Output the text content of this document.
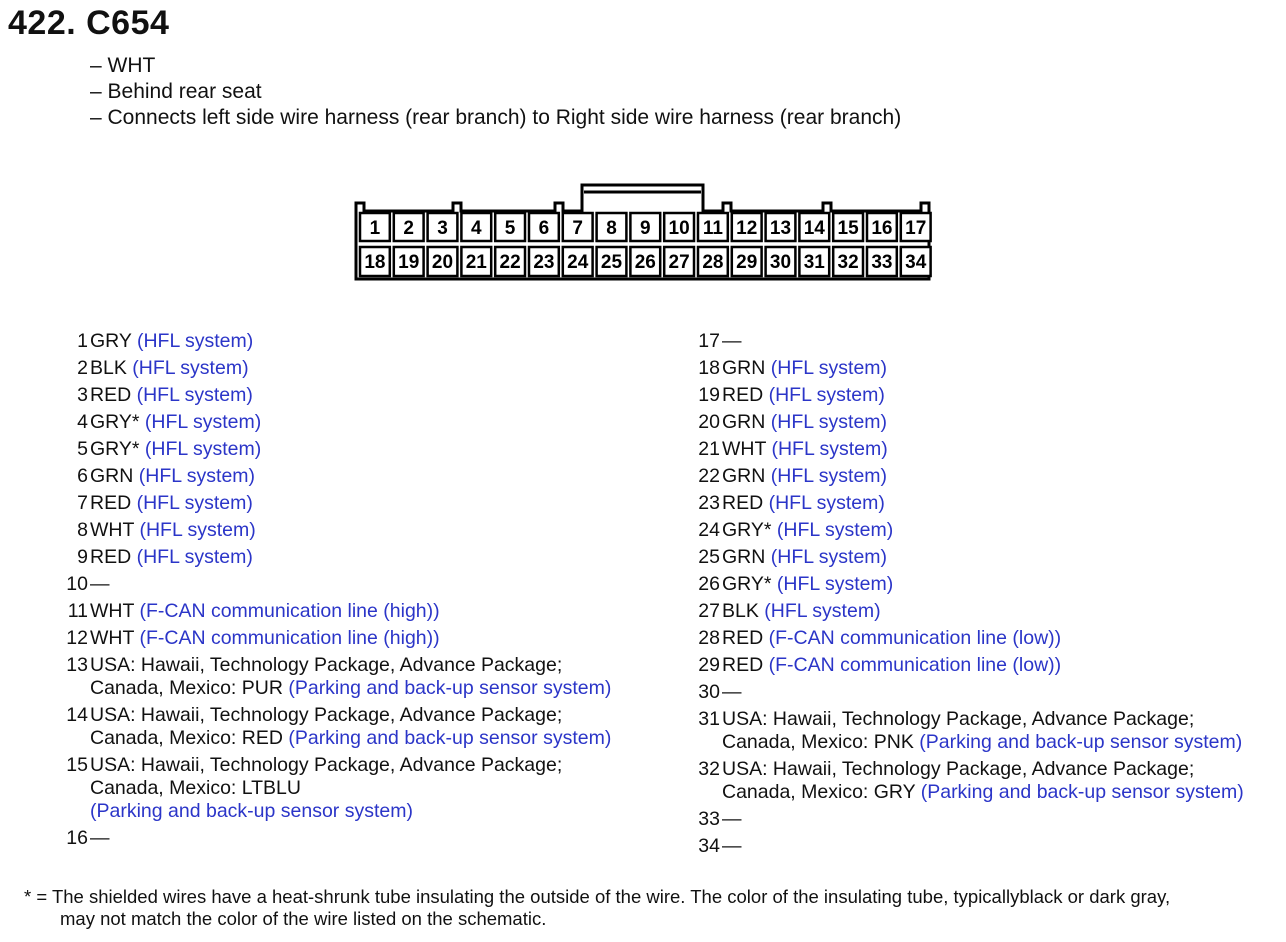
422. C654
– WHT
– Behind rear seat
– Connects left side wire harness (rear branch) to Right side wire harness (rear branch)
1 2 3 4 5 6 7 8 9 10 11 12 13 14 15 16 17
18 19 20 21 22 23 24 25 26 27 28 29 30 31 32 33 34
1 GRY (HFL system)
2 BLK (HFL system)
3 RED (HFL system)
4 GRY* (HFL system)
5 GRY* (HFL system)
6 GRN (HFL system)
7 RED (HFL system)
8 WHT (HFL system)
9 RED (HFL system)
10 —
11 WHT (F-CAN communication line (high))
12 WHT (F-CAN communication line (high))
13 USA: Hawaii, Technology Package, Advance Package;
Canada, Mexico: PUR (Parking and back-up sensor system)
14 USA: Hawaii, Technology Package, Advance Package;
Canada, Mexico: RED (Parking and back-up sensor system)
15 USA: Hawaii, Technology Package, Advance Package;
Canada, Mexico: LTBLU
(Parking and back-up sensor system)
16 —
17 —
18 GRN (HFL system)
19 RED (HFL system)
20 GRN (HFL system)
21 WHT (HFL system)
22 GRN (HFL system)
23 RED (HFL system)
24 GRY* (HFL system)
25 GRN (HFL system)
26 GRY* (HFL system)
27 BLK (HFL system)
28 RED (F-CAN communication line (low))
29 RED (F-CAN communication line (low))
30 —
31 USA: Hawaii, Technology Package, Advance Package;
Canada, Mexico: PNK (Parking and back-up sensor system)
32 USA: Hawaii, Technology Package, Advance Package;
Canada, Mexico: GRY (Parking and back-up sensor system)
33 —
34 —
* = The shielded wires have a heat-shrunk tube insulating the outside of the wire. The color of the insulating tube, typicallyblack or dark gray,
may not match the color of the wire listed on the schematic.
